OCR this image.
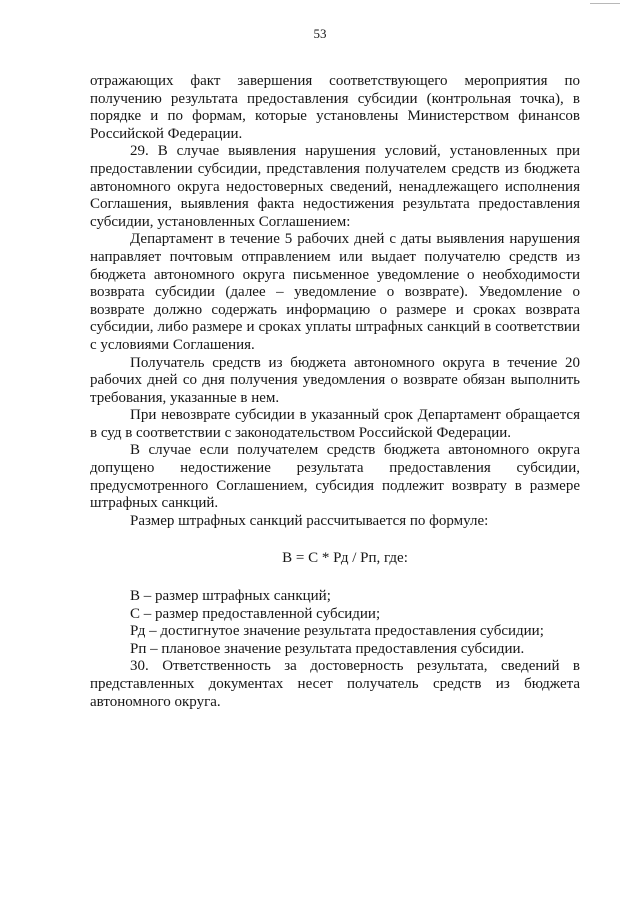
53

отражающих факт завершения соответствующего мероприятия по получению результата предоставления субсидии (контрольная точка), в порядке и по формам, которые установлены Министерством финансов Российской Федерации.

29. В случае выявления нарушения условий, установленных при предоставлении субсидии, представления получателем средств из бюджета автономного округа недостоверных сведений, ненадлежащего исполнения Соглашения, выявления факта недостижения результата предоставления субсидии, установленных Соглашением:

Департамент в течение 5 рабочих дней с даты выявления нарушения направляет почтовым отправлением или выдает получателю средств из бюджета автономного округа письменное уведомление о необходимости возврата субсидии (далее – уведомление о возврате). Уведомление о возврате должно содержать информацию о размере и сроках возврата субсидии, либо размере и сроках уплаты штрафных санкций в соответствии с условиями Соглашения.

Получатель средств из бюджета автономного округа в течение 20 рабочих дней со дня получения уведомления о возврате обязан выполнить требования, указанные в нем.

При невозврате субсидии в указанный срок Департамент обращается в суд в соответствии с законодательством Российской Федерации.

В случае если получателем средств бюджета автономного округа допущено недостижение результата предоставления субсидии, предусмотренного Соглашением, субсидия подлежит возврату в размере штрафных санкций.

Размер штрафных санкций рассчитывается по формуле:

В = С * Рд / Рп, где:

В – размер штрафных санкций;

С – размер предоставленной субсидии;

Рд – достигнутое значение результата предоставления субсидии;

Рп – плановое значение результата предоставления субсидии.

30. Ответственность за достоверность результата, сведений в представленных документах несет получатель средств из бюджета автономного округа.
